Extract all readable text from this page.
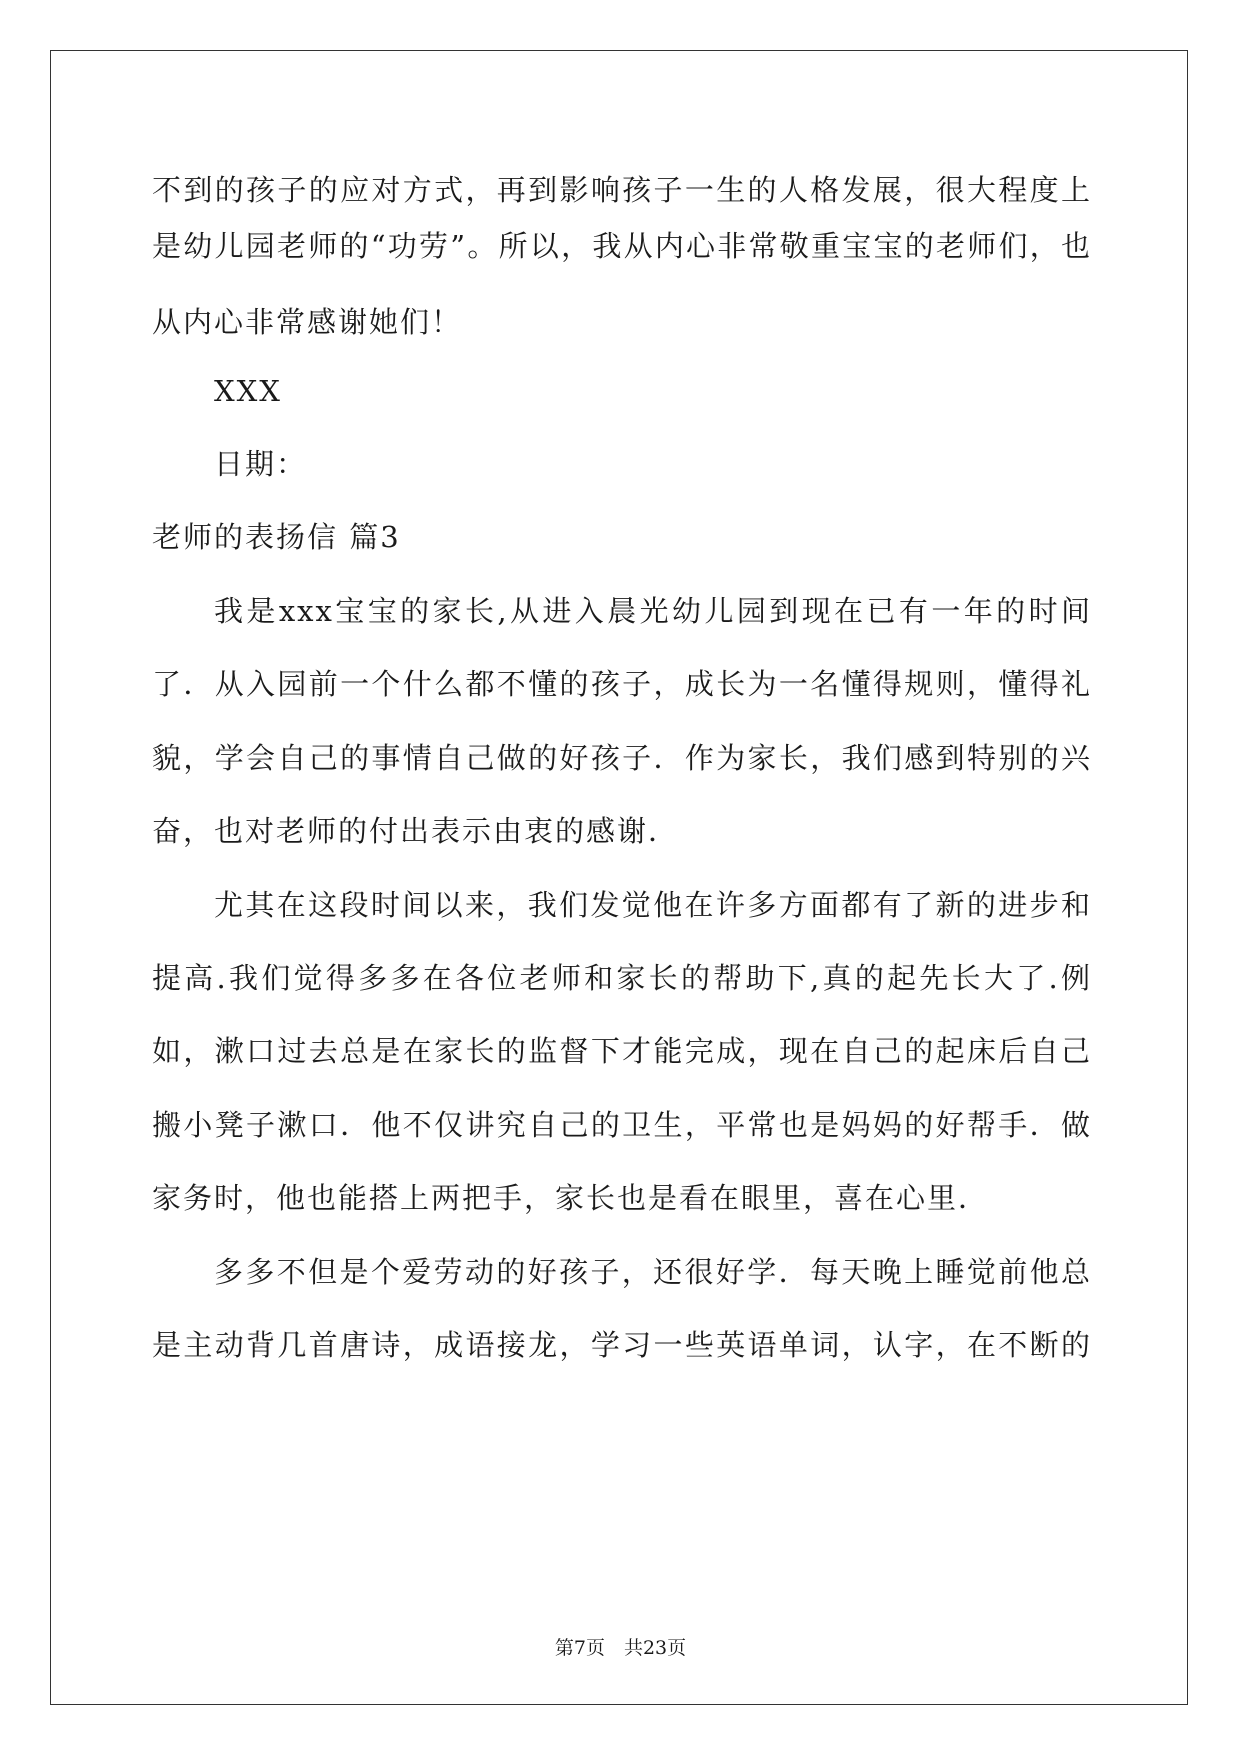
不到的孩子的应对方式，再到影响孩子一生的人格发展，很大程度上
是幼儿园老师的“功劳”。所以，我从内心非常敬重宝宝的老师们，也
从内心非常感谢她们！
XXX
日期：
老师的表扬信 篇3
我是xxx宝宝的家长,从进入晨光幼儿园到现在已有一年的时间
了．从入园前一个什么都不懂的孩子，成长为一名懂得规则，懂得礼
貌，学会自己的事情自己做的好孩子．作为家长，我们感到特别的兴
奋，也对老师的付出表示由衷的感谢．
尤其在这段时间以来，我们发觉他在许多方面都有了新的进步和
提高.我们觉得多多在各位老师和家长的帮助下,真的起先长大了.例
如，漱口过去总是在家长的监督下才能完成，现在自己的起床后自己
搬小凳子漱口．他不仅讲究自己的卫生，平常也是妈妈的好帮手．做
家务时，他也能搭上两把手，家长也是看在眼里，喜在心里．
多多不但是个爱劳动的好孩子，还很好学．每天晚上睡觉前他总
是主动背几首唐诗，成语接龙，学习一些英语单词，认字，在不断的
第7页　共23页
